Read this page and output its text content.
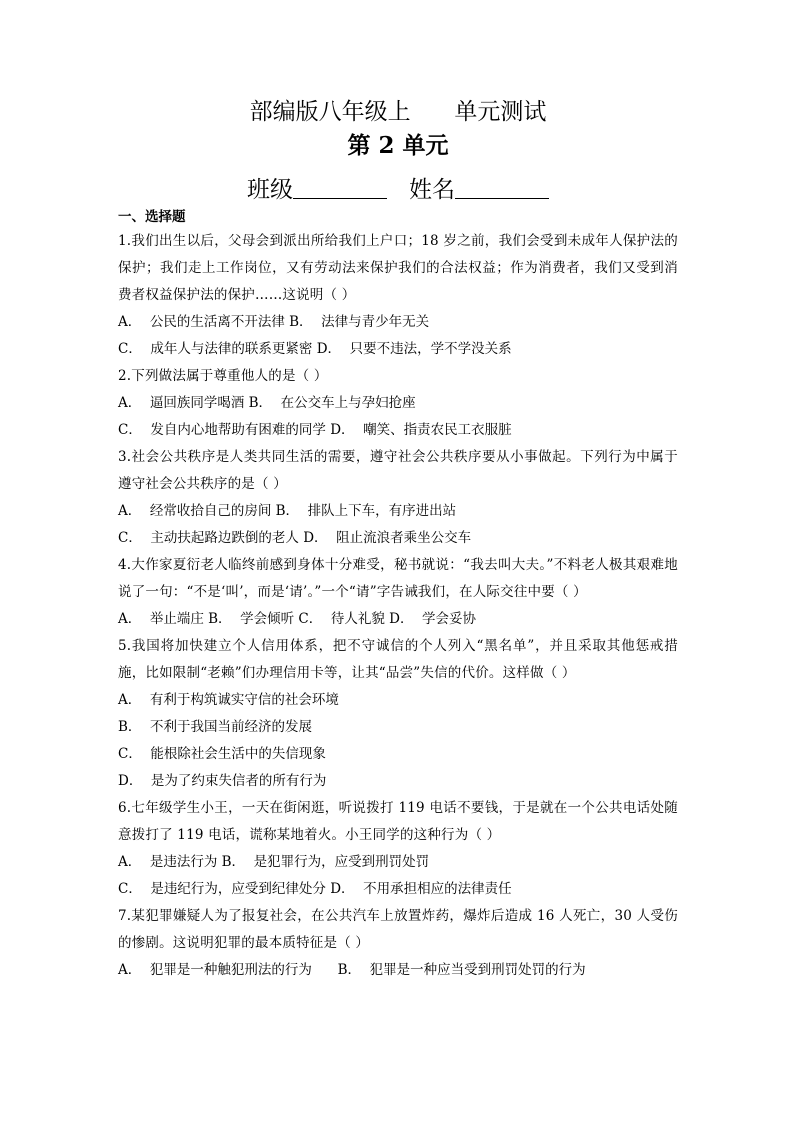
部编版八年级上      单元测试
第 2 单元
班级	姓名
一、选择题
1.我们出生以后，父母会到派出所给我们上户口；18 岁之前，我们会受到未成年人保护法的保护；我们走上工作岗位，又有劳动法来保护我们的合法权益；作为消费者，我们又受到消费者权益保护法的保护……这说明（ ）
A．  公民的生活离不开法律 B．  法律与青少年无关
C．  成年人与法律的联系更紧密 D．  只要不违法，学不学没关系
2.下列做法属于尊重他人的是（ ）
A．  逼回族同学喝酒 B．  在公交车上与孕妇抢座
C．  发自内心地帮助有困难的同学 D．  嘲笑、指责农民工衣服脏
3.社会公共秩序是人类共同生活的需要，遵守社会公共秩序要从小事做起。下列行为中属于遵守社会公共秩序的是（ ）
A．  经常收拾自己的房间 B．  排队上下车，有序进出站
C．  主动扶起路边跌倒的老人 D．  阻止流浪者乘坐公交车
4.大作家夏衍老人临终前感到身体十分难受，秘书就说：“我去叫大夫。”不料老人极其艰难地说了一句：“不是‘叫’，而是‘请’。”一个“请”字告诫我们，在人际交往中要（ ）
A．  举止端庄 B．  学会倾听 C．  待人礼貌 D．  学会妥协
5.我国将加快建立个人信用体系，把不守诚信的个人列入“黑名单”，并且采取其他惩戒措施，比如限制“老赖”们办理信用卡等，让其“品尝”失信的代价。这样做（ ）
A．  有利于构筑诚实守信的社会环境
B．  不利于我国当前经济的发展
C．  能根除社会生活中的失信现象
D．  是为了约束失信者的所有行为
6.七年级学生小王，一天在街闲逛，听说拨打 119 电话不要钱，于是就在一个公共电话处随意拨打了 119 电话，谎称某地着火。小王同学的这种行为（ ）
A．  是违法行为 B．  是犯罪行为，应受到刑罚处罚
C．  是违纪行为，应受到纪律处分 D．  不用承担相应的法律责任
7.某犯罪嫌疑人为了报复社会，在公共汽车上放置炸药，爆炸后造成 16 人死亡，30 人受伤的惨剧。这说明犯罪的最本质特征是（ ）
A．  犯罪是一种触犯刑法的行为      B．  犯罪是一种应当受到刑罚处罚的行为
